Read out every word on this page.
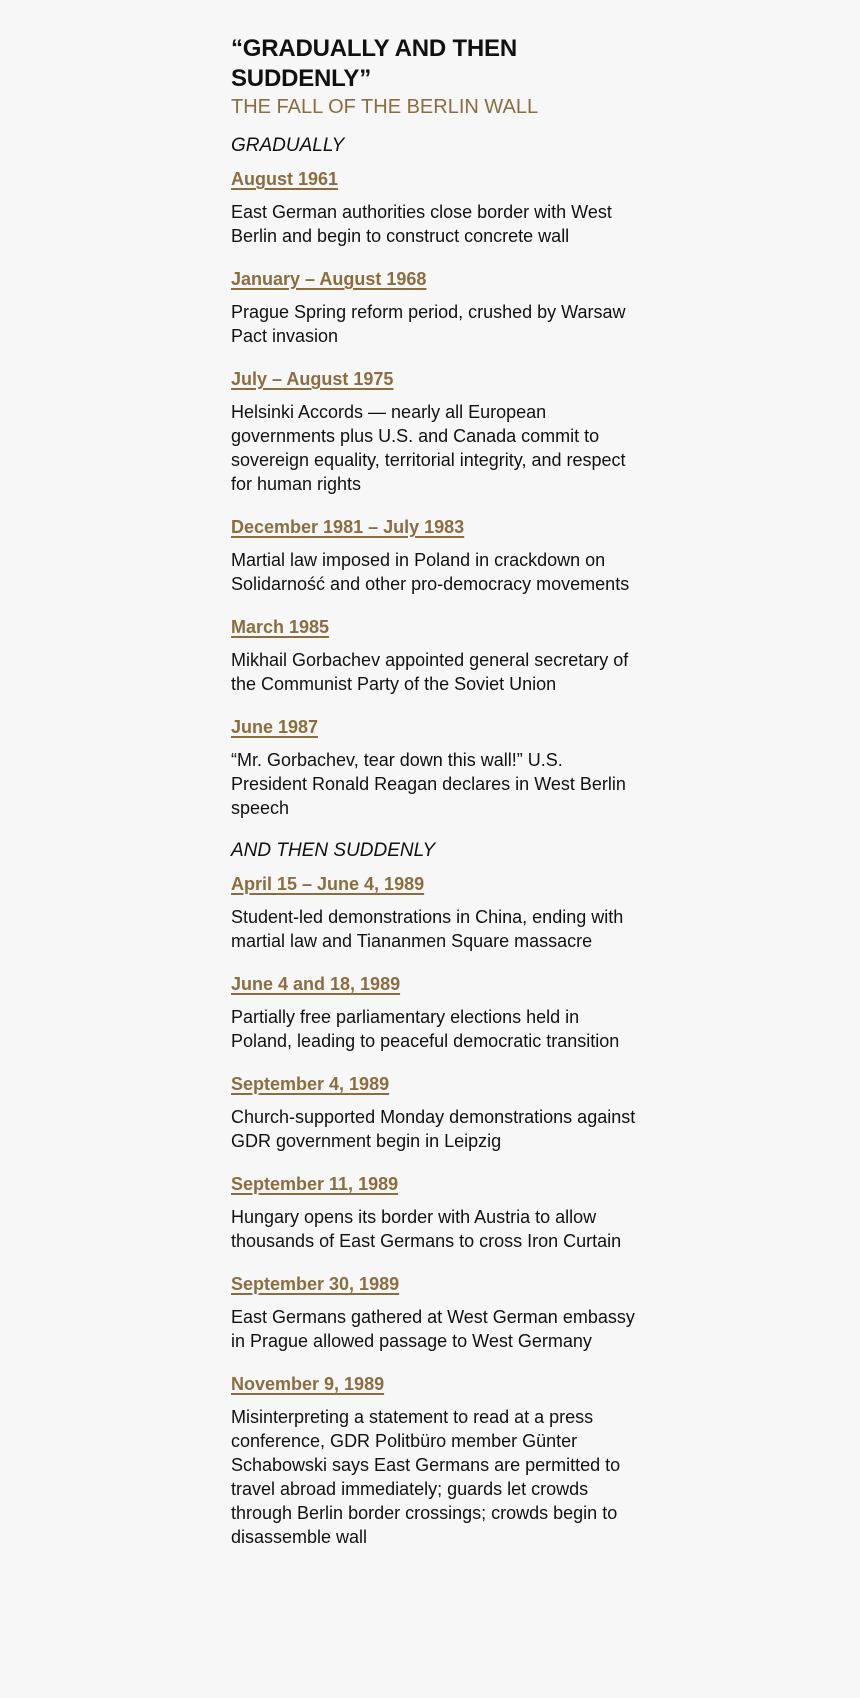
“GRADUALLY AND THEN SUDDENLY”
THE FALL OF THE BERLIN WALL
GRADUALLY
August 1961

East German authorities close border with West Berlin and begin to construct concrete wall

January – August 1968

Prague Spring reform period, crushed by Warsaw Pact invasion

July – August 1975

Helsinki Accords — nearly all European governments plus U.S. and Canada commit to sovereign equality, territorial integrity, and respect for human rights

December 1981 – July 1983

Martial law imposed in Poland in crackdown on Solidarność and other pro-democracy movements

March 1985

Mikhail Gorbachev appointed general secretary of the Communist Party of the Soviet Union

June 1987

“Mr. Gorbachev, tear down this wall!” U.S. President Ronald Reagan declares in West Berlin speech

AND THEN SUDDENLY
April 15 – June 4, 1989

Student-led demonstrations in China, ending with martial law and Tiananmen Square massacre

June 4 and 18, 1989

Partially free parliamentary elections held in Poland, leading to peaceful democratic transition

September 4, 1989

Church-supported Monday demonstrations against GDR government begin in Leipzig

September 11, 1989

Hungary opens its border with Austria to allow thousands of East Germans to cross Iron Curtain

September 30, 1989

East Germans gathered at West German embassy in Prague allowed passage to West Germany

November 9, 1989

Misinterpreting a statement to read at a press conference, GDR Politbüro member Günter Schabowski says East Germans are permitted to travel abroad immediately; guards let crowds through Berlin border crossings; crowds begin to disassemble wall
